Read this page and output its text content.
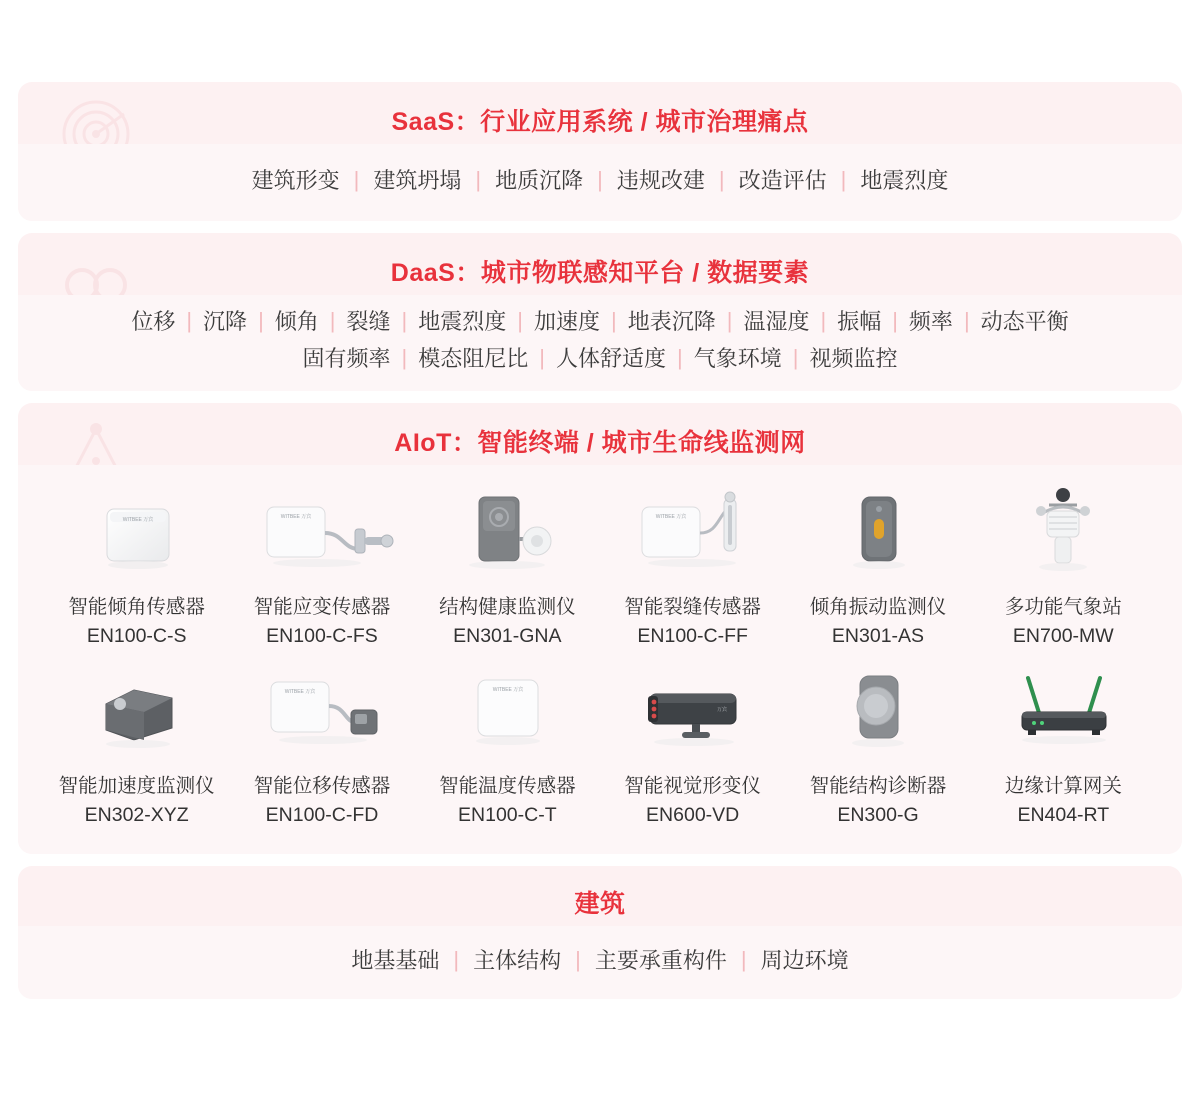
SaaS：行业应用系统 / 城市治理痛点
建筑形变 | 建筑坍塌 | 地质沉降 | 违规改建 | 改造评估 | 地震烈度
DaaS：城市物联感知平台 / 数据要素
位移 | 沉降 | 倾角 | 裂缝 | 地震烈度 | 加速度 | 地表沉降 | 温湿度 | 振幅 | 频率 | 动态平衡
固有频率 | 模态阻尼比 | 人体舒适度 | 气象环境 | 视频监控
AIoT：智能终端 / 城市生命线监测网
WITBEE 万宾
智能倾角传感器
EN100-C-S
WITBEE 万宾
智能应变传感器
EN100-C-FS
结构健康监测仪
EN301-GNA
WITBEE 万宾
智能裂缝传感器
EN100-C-FF
倾角振动监测仪
EN301-AS
多功能气象站
EN700-MW
智能加速度监测仪
EN302-XYZ
WITBEE 万宾
智能位移传感器
EN100-C-FD
WITBEE 万宾
智能温度传感器
EN100-C-T
万宾
智能视觉形变仪
EN600-VD
智能结构诊断器
EN300-G
边缘计算网关
EN404-RT
建筑
地基基础 | 主体结构 | 主要承重构件 | 周边环境
